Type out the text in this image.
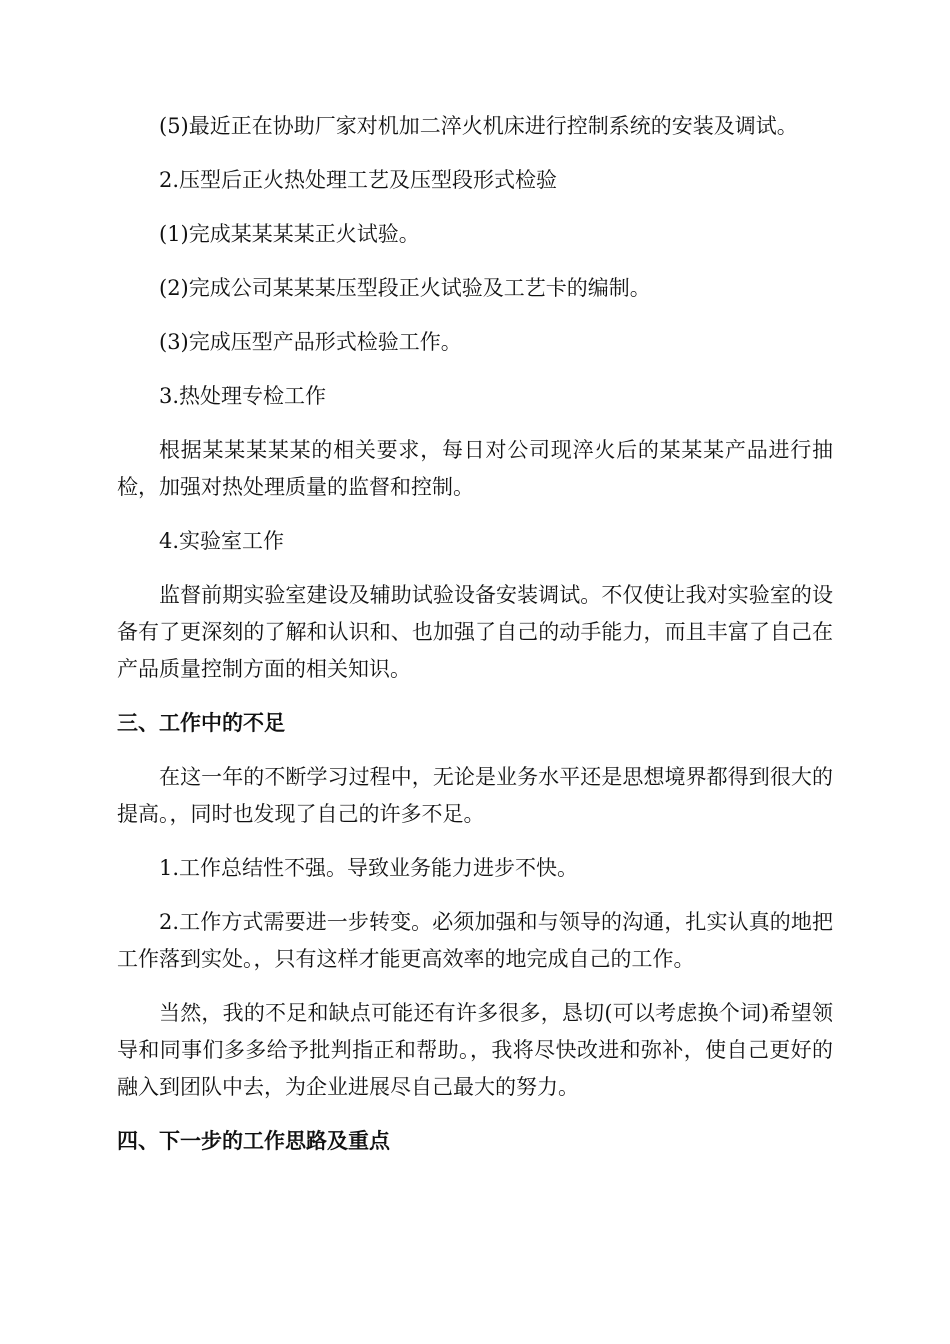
(5)最近正在协助厂家对机加二淬火机床进行控制系统的安装及调试。

2.压型后正火热处理工艺及压型段形式检验

(1)完成某某某某正火试验。

(2)完成公司某某某压型段正火试验及工艺卡的编制。

(3)完成压型产品形式检验工作。

3.热处理专检工作

根据某某某某某的相关要求，每日对公司现淬火后的某某某产品进行抽检，加强对热处理质量的监督和控制。

4.实验室工作

监督前期实验室建设及辅助试验设备安装调试。不仅使让我对实验室的设备有了更深刻的了解和认识和、也加强了自己的动手能力，而且丰富了自己在产品质量控制方面的相关知识。

三、工作中的不足

在这一年的不断学习过程中，无论是业务水平还是思想境界都得到很大的提高。，同时也发现了自己的许多不足。

1.工作总结性不强。导致业务能力进步不快。

2.工作方式需要进一步转变。必须加强和与领导的沟通，扎实认真的地把工作落到实处。，只有这样才能更高效率的地完成自己的工作。

当然，我的不足和缺点可能还有许多很多，恳切(可以考虑换个词)希望领导和同事们多多给予批判指正和帮助。，我将尽快改进和弥补，使自己更好的融入到团队中去，为企业进展尽自己最大的努力。

四、下一步的工作思路及重点
